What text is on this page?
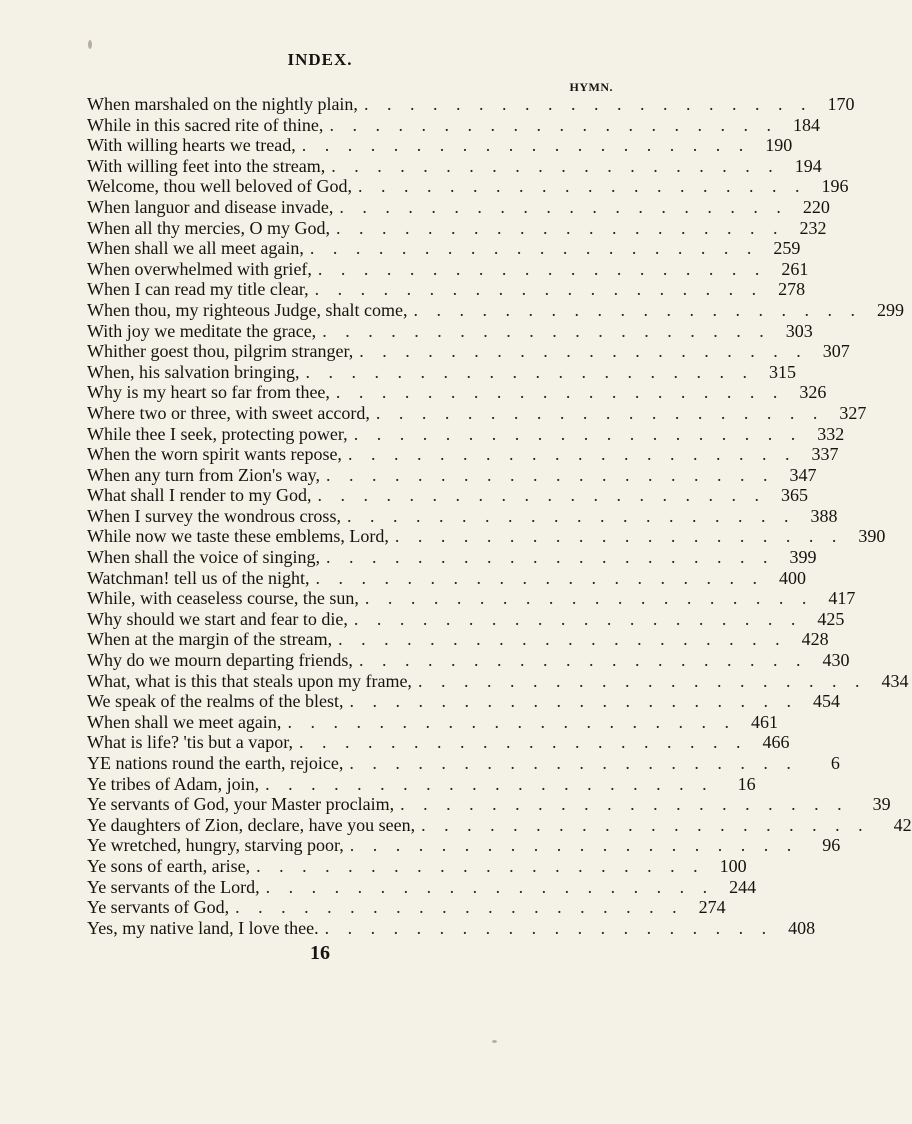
INDEX.
HYMN.
When marshaled on the nightly plain, . . . . . . . . . . . . . . . . . . . . 170
While in this sacred rite of thine, . . . . . . . . . . . . . . . . . . . . 184
With willing hearts we tread, . . . . . . . . . . . . . . . . . . . . 190
With willing feet into the stream, . . . . . . . . . . . . . . . . . . . . 194
Welcome, thou well beloved of God, . . . . . . . . . . . . . . . . . . . . 196
When languor and disease invade, . . . . . . . . . . . . . . . . . . . . 220
When all thy mercies, O my God, . . . . . . . . . . . . . . . . . . . . 232
When shall we all meet again, . . . . . . . . . . . . . . . . . . . . 259
When overwhelmed with grief, . . . . . . . . . . . . . . . . . . . . 261
When I can read my title clear, . . . . . . . . . . . . . . . . . . . . 278
When thou, my righteous Judge, shalt come, . . . . . . . . . . . . . . . . . . . . 299
With joy we meditate the grace, . . . . . . . . . . . . . . . . . . . . 303
Whither goest thou, pilgrim stranger, . . . . . . . . . . . . . . . . . . . . 307
When, his salvation bringing, . . . . . . . . . . . . . . . . . . . . 315
Why is my heart so far from thee, . . . . . . . . . . . . . . . . . . . . 326
Where two or three, with sweet accord, . . . . . . . . . . . . . . . . . . . . 327
While thee I seek, protecting power, . . . . . . . . . . . . . . . . . . . . 332
When the worn spirit wants repose, . . . . . . . . . . . . . . . . . . . . 337
When any turn from Zion's way, . . . . . . . . . . . . . . . . . . . . 347
What shall I render to my God, . . . . . . . . . . . . . . . . . . . . 365
When I survey the wondrous cross, . . . . . . . . . . . . . . . . . . . . 388
While now we taste these emblems, Lord, . . . . . . . . . . . . . . . . . . . . 390
When shall the voice of singing, . . . . . . . . . . . . . . . . . . . . 399
Watchman! tell us of the night, . . . . . . . . . . . . . . . . . . . . 400
While, with ceaseless course, the sun, . . . . . . . . . . . . . . . . . . . . 417
Why should we start and fear to die, . . . . . . . . . . . . . . . . . . . . 425
When at the margin of the stream, . . . . . . . . . . . . . . . . . . . . 428
Why do we mourn departing friends, . . . . . . . . . . . . . . . . . . . . 430
What, what is this that steals upon my frame, . . . . . . . . . . . . . . . . . . . . 434
We speak of the realms of the blest, . . . . . . . . . . . . . . . . . . . . 454
When shall we meet again, . . . . . . . . . . . . . . . . . . . . 461
What is life? 'tis but a vapor, . . . . . . . . . . . . . . . . . . . . 466
YE nations round the earth, rejoice, . . . . . . . . . . . . . . . . . . . .	6
Ye tribes of Adam, join, . . . . . . . . . . . . . . . . . . . .	16
Ye servants of God, your Master proclaim, . . . . . . . . . . . . . . . . . . . .	39
Ye daughters of Zion, declare, have you seen, . . . . . . . . . . . . . . . . . . . .	42
Ye wretched, hungry, starving poor, . . . . . . . . . . . . . . . . . . . .	96
Ye sons of earth, arise, . . . . . . . . . . . . . . . . . . . . 100
Ye servants of the Lord, . . . . . . . . . . . . . . . . . . . . 244
Ye servants of God, . . . . . . . . . . . . . . . . . . . . 274
Yes, my native land, I love thee. . . . . . . . . . . . . . . . . . . . . 408
16
